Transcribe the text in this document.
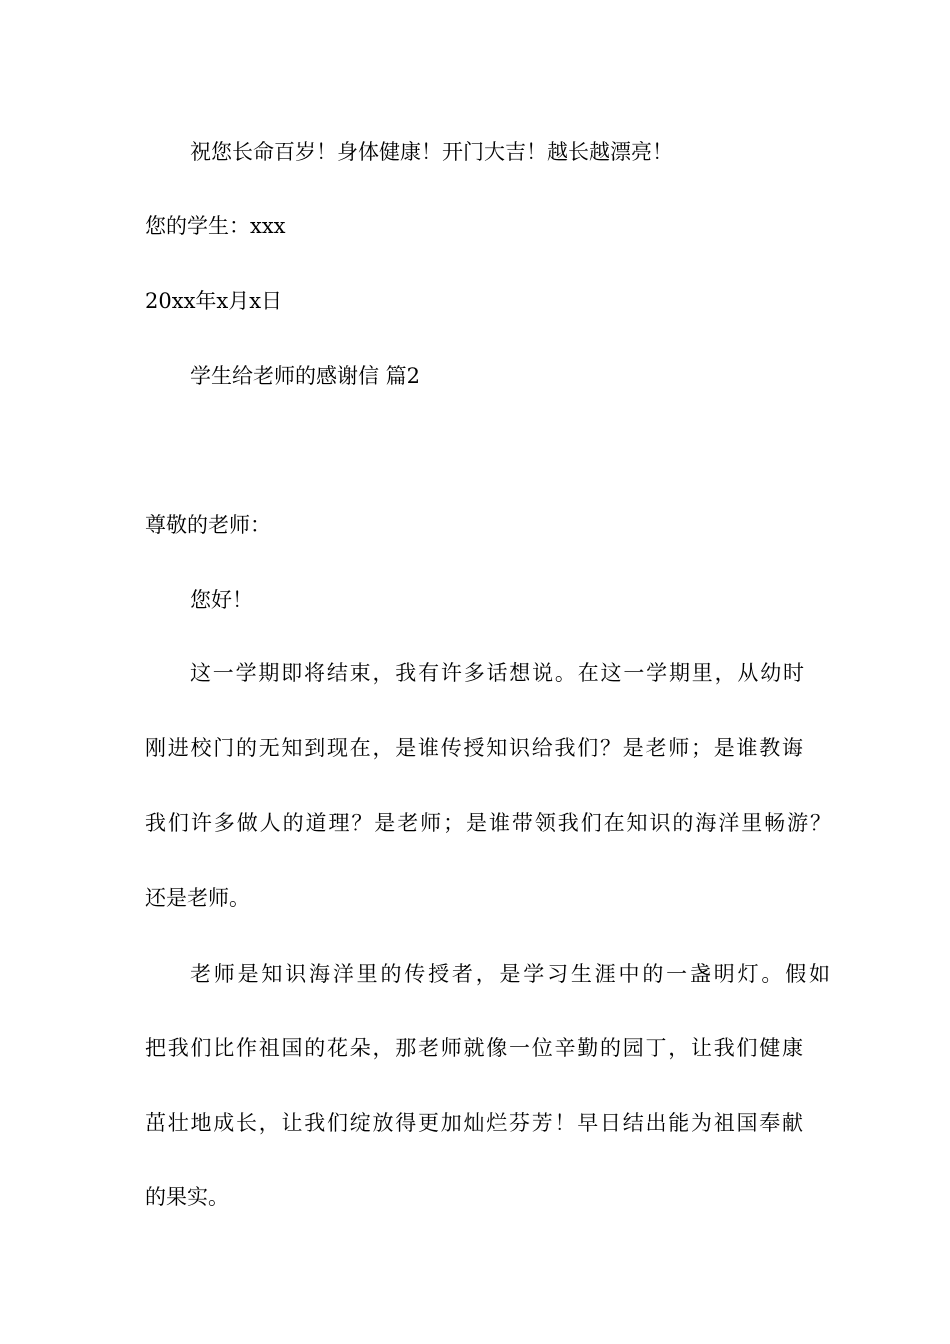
祝您长命百岁！身体健康！开门大吉！越长越漂亮！
您的学生：xxx
20xx年x月x日
学生给老师的感谢信 篇2
尊敬的老师：
您好！
这一学期即将结束，我有许多话想说。在这一学期里，从幼时
刚进校门的无知到现在，是谁传授知识给我们？是老师；是谁教诲
我们许多做人的道理？是老师；是谁带领我们在知识的海洋里畅游？
还是老师。
老师是知识海洋里的传授者，是学习生涯中的一盏明灯。假如
把我们比作祖国的花朵，那老师就像一位辛勤的园丁，让我们健康
茁壮地成长，让我们绽放得更加灿烂芬芳！早日结出能为祖国奉献
的果实。
